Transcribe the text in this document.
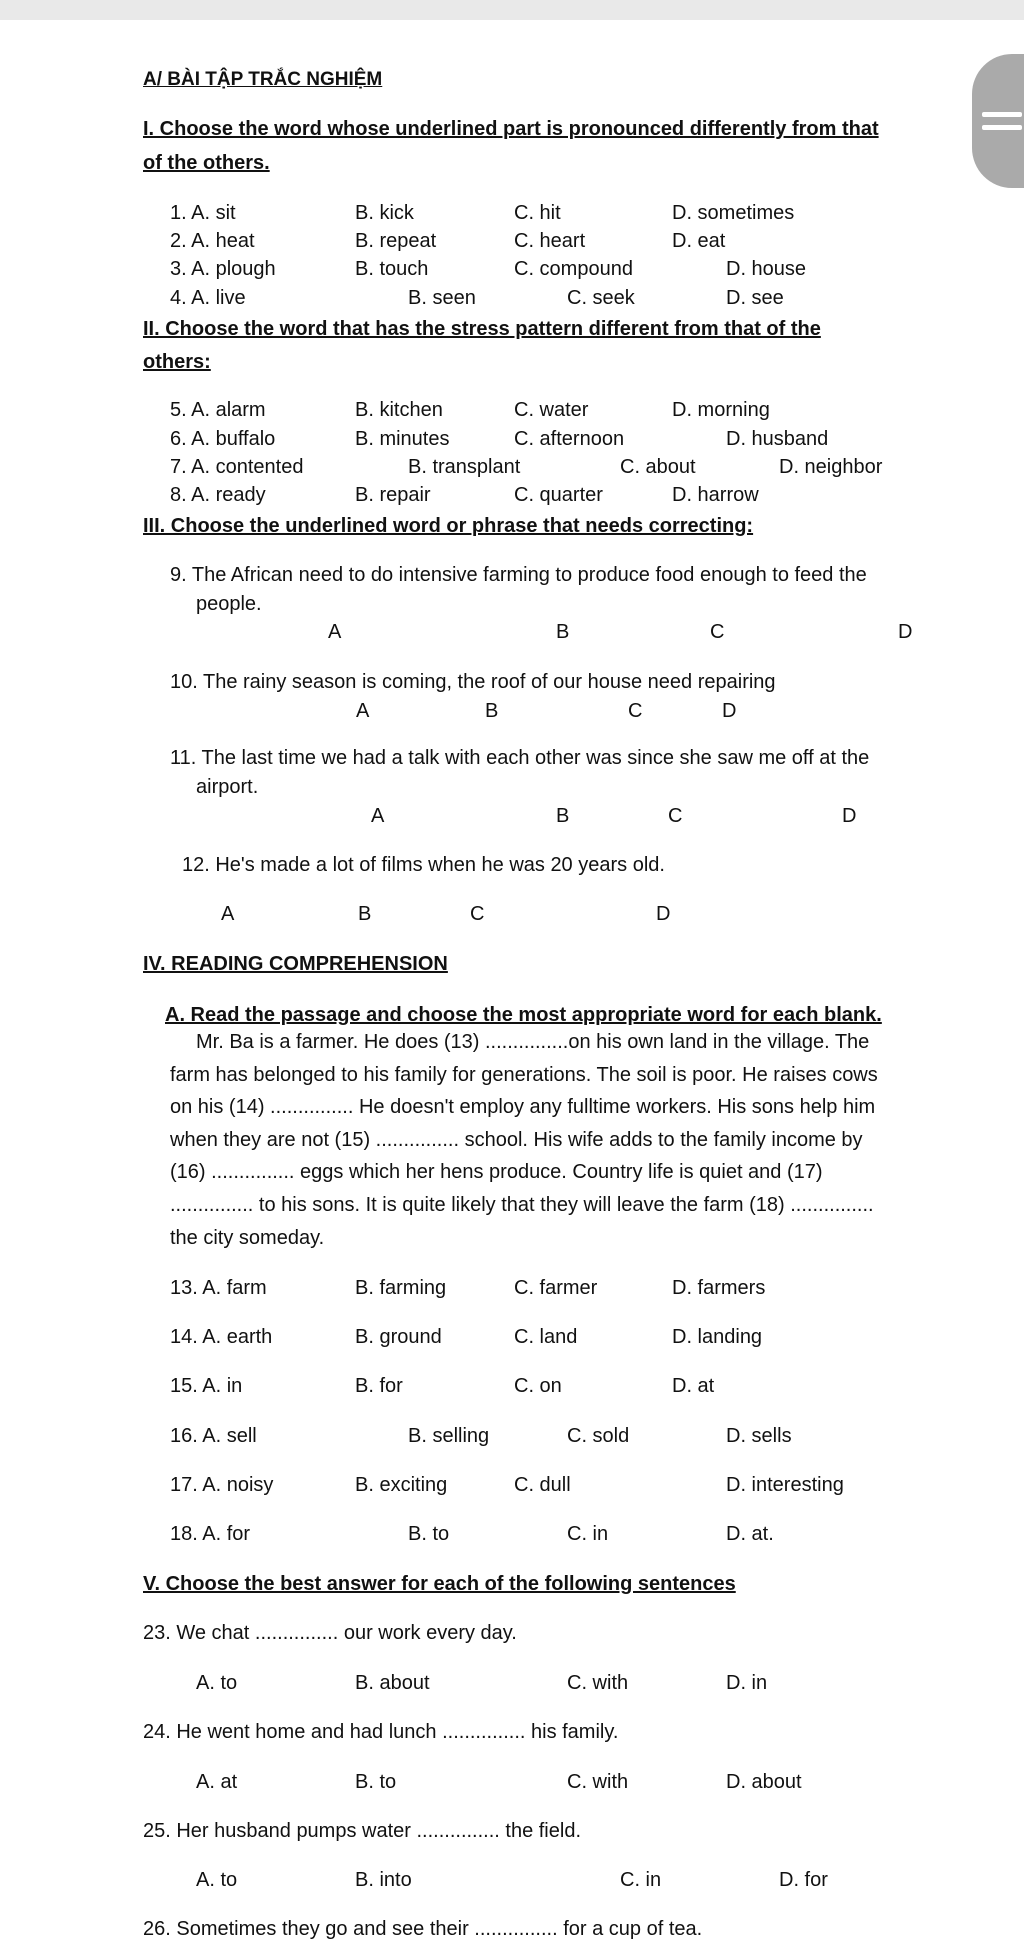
A/ BÀI TẬP TRẮC NGHIỆM
I. Choose the word whose underlined part is pronounced differently from that
of the others.
1. A. sit	B. kick	C. hit	D. sometimes
2. A. heat	B. repeat	C. heart	D. eat
3. A. plough	B. touch	C. compound	D. house
4. A. live	B. seen	C. seek	D. see
II. Choose the word that has the stress pattern different from that of the
others:
5. A. alarm	B. kitchen	C. water	D. morning
6. A. buffalo	B. minutes	C. afternoon	D. husband
7. A. contented	B. transplant	C. about	D. neighbor
8. A. ready	B. repair	C. quarter	D. harrow
III. Choose the underlined word or phrase that needs correcting:
9. The African need to do intensive farming to produce food enough to feed the
people.
A	B	C	D
10. The rainy season is coming, the roof of our house need repairing
A	B	C	D
11. The last time we had a talk with each other was since she saw me off at the
airport.
A	B	C	D
12. He's made a lot of films when he was 20 years old.
A	B	C	D
IV. READING COMPREHENSION
A. Read the passage and choose the most appropriate word for each blank.
Mr. Ba is a farmer. He does (13) ...............on his own land in the village. The
farm has belonged to his family for generations. The soil is poor. He raises cows
on his (14) ............... He doesn't employ any fulltime workers. His sons help him
when they are not (15) ............... school. His wife adds to the family income by
(16) ............... eggs which her hens produce. Country life is quiet and (17)
............... to his sons. It is quite likely that they will leave the farm (18) ...............
the city someday.
13. A. farm	B. farming	C. farmer	D. farmers
14. A. earth	B. ground	C. land	D. landing
15. A. in	B. for	C. on	D. at
16. A. sell	B. selling	C. sold	D. sells
17. A. noisy	B. exciting	C. dull	D. interesting
18. A. for	B. to	C. in	D. at.
V. Choose the best answer for each of the following sentences
23. We chat ............... our work every day.
A. to	B. about	C. with	D. in
24. He went home and had lunch ............... his family.
A. at	B. to	C. with	D. about
25. Her husband pumps water ............... the field.
A. to	B. into	C. in	D. for
26. Sometimes they go and see their ............... for a cup of tea.
